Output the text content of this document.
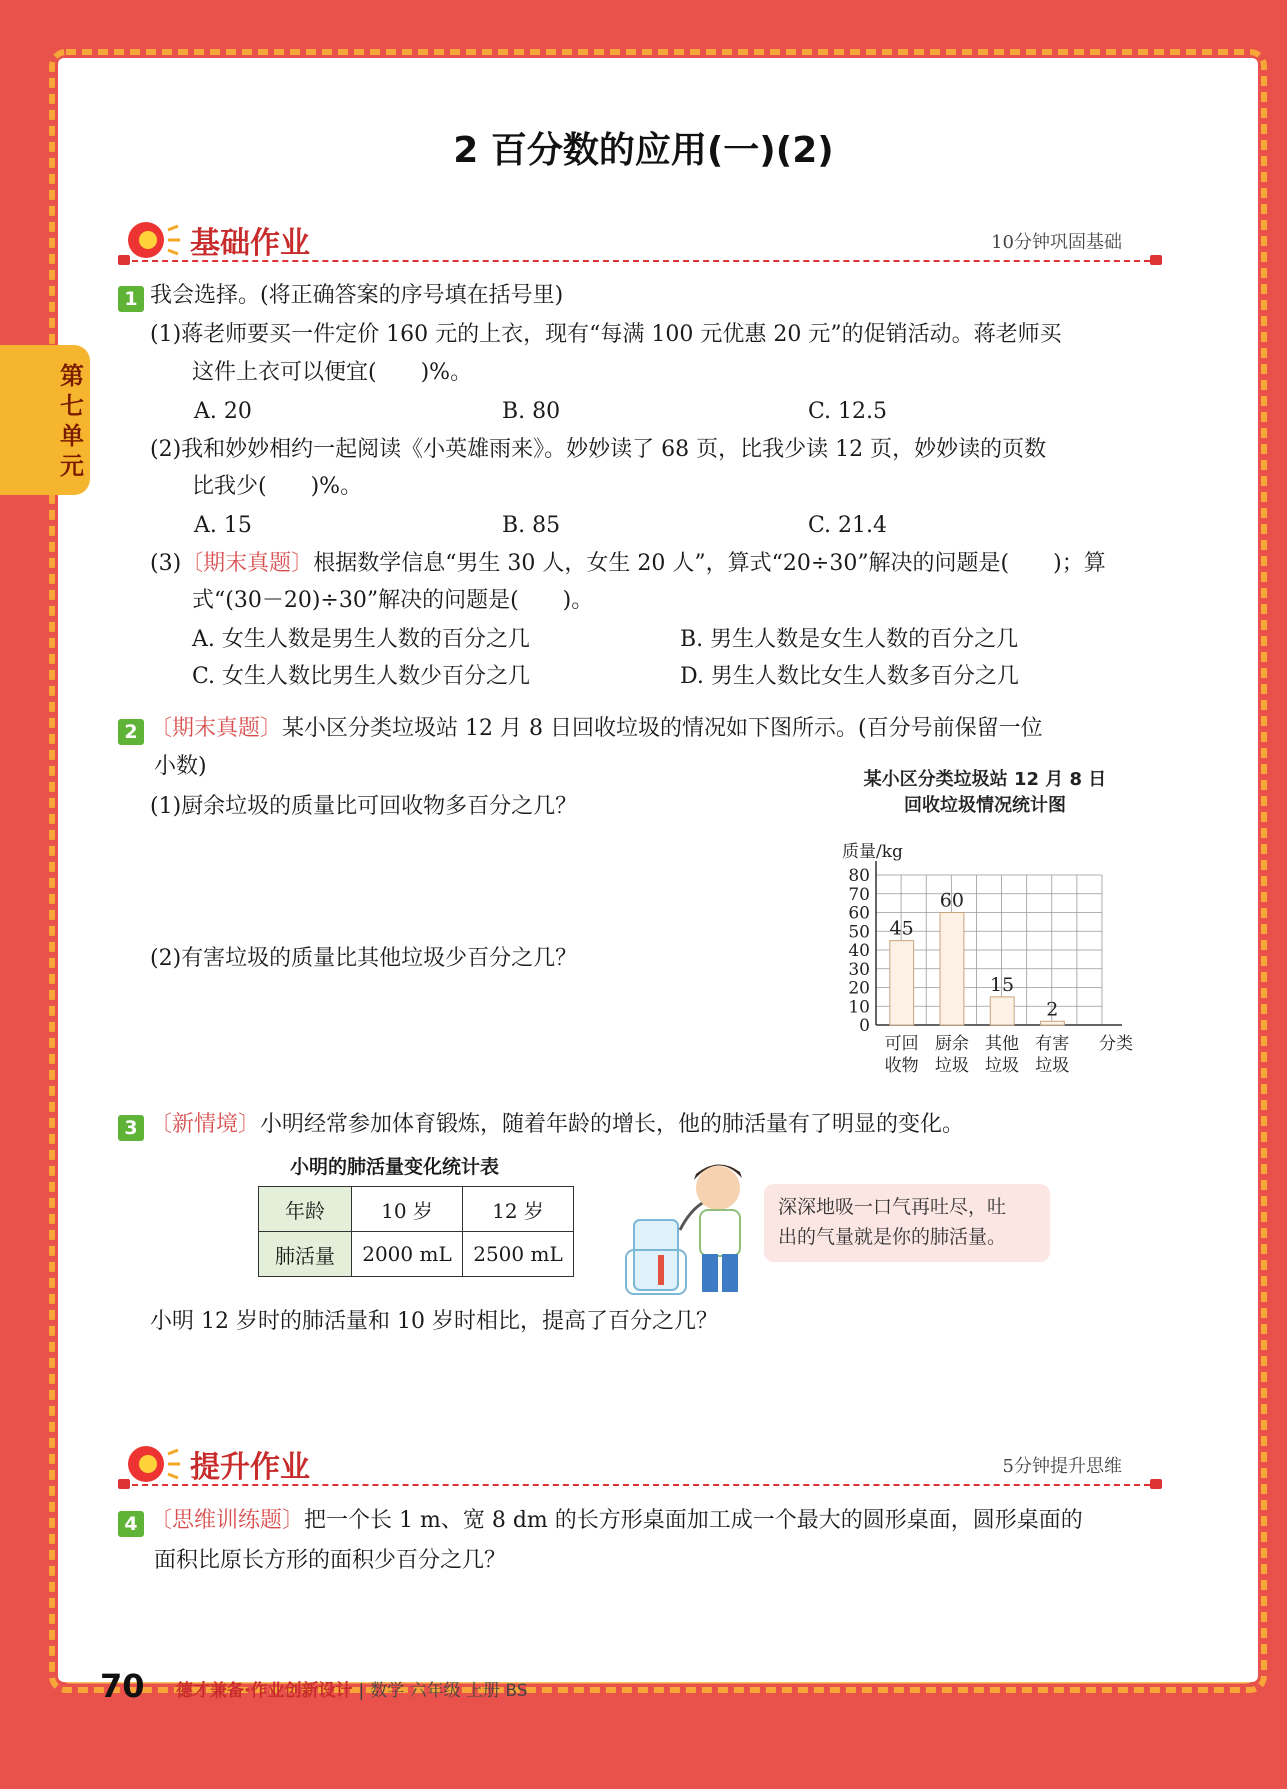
第七单元
2 百分数的应用(一)(2)
基础作业	10分钟巩固基础
1 我会选择。(将正确答案的序号填在括号里)
(1)蒋老师要买一件定价 160 元的上衣，现有“每满 100 元优惠 20 元”的促销活动。蒋老师买
这件上衣可以便宜(　　)%。
A. 20	B. 80	C. 12.5
(2)我和妙妙相约一起阅读《小英雄雨来》。妙妙读了 68 页，比我少读 12 页，妙妙读的页数
比我少(　　)%。
A. 15	B. 85	C. 21.4
(3)〔期末真题〕根据数学信息“男生 30 人，女生 20 人”，算式“20÷30”解决的问题是(　　)；算
式“(30－20)÷30”解决的问题是(　　)。
A. 女生人数是男生人数的百分之几	B. 男生人数是女生人数的百分之几
C. 女生人数比男生人数少百分之几	D. 男生人数比女生人数多百分之几
2 〔期末真题〕某小区分类垃圾站 12 月 8 日回收垃圾的情况如下图所示。(百分号前保留一位
小数)
(1)厨余垃圾的质量比可回收物多百分之几？
(2)有害垃圾的质量比其他垃圾少百分之几？
某小区分类垃圾站 12 月 8 日
回收垃圾情况统计图
质量/kg
0
10
20
30
40
50
60
70
80
45
可回
收物
60
厨余
垃圾
15
其他
垃圾
2
有害
垃圾
分类
3 〔新情境〕小明经常参加体育锻炼，随着年龄的增长，他的肺活量有了明显的变化。
小明的肺活量变化统计表
年龄	10 岁	12 岁
肺活量	2000 mL	2500 mL
深深地吸一口气再吐尽，吐
出的气量就是你的肺活量。
小明 12 岁时的肺活量和 10 岁时相比，提高了百分之几？
提升作业	5分钟提升思维
4 〔思维训练题〕把一个长 1 m、宽 8 dm 的长方形桌面加工成一个最大的圆形桌面，圆形桌面的
面积比原长方形的面积少百分之几？
70 德才兼备·作业创新设计 | 数学 六年级 上册 BS
